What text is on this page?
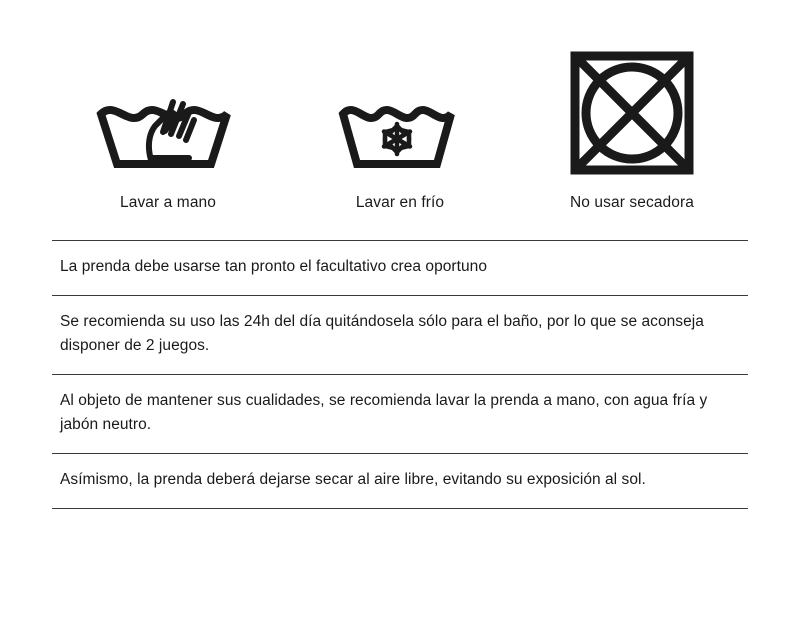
Lavar a mano	Lavar en frío	No usar secadora
La prenda debe usarse tan pronto el facultativo crea oportuno
Se recomienda su uso las 24h del día quitándosela sólo para el baño, por lo que se aconseja disponer de 2 juegos.
Al objeto de mantener sus cualidades, se recomienda lavar la prenda a mano, con agua fría y jabón neutro.
Asímismo, la prenda deberá dejarse secar al aire libre, evitando su exposición al sol.
